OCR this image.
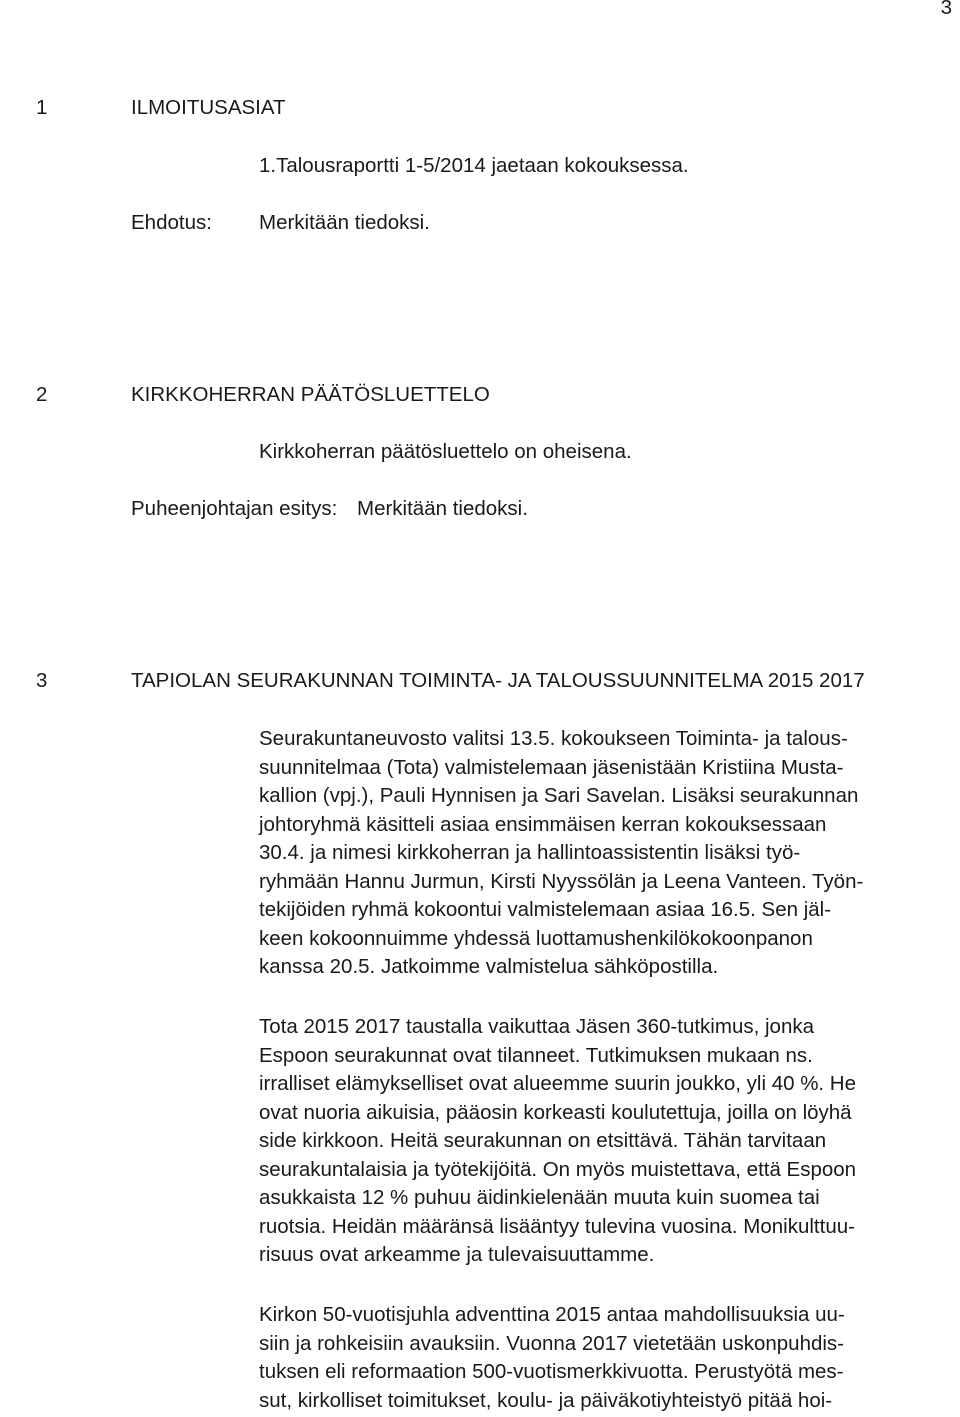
3
1	ILMOITUSASIAT
1.Talousraportti 1-5/2014 jaetaan kokouksessa.
Ehdotus: Merkitään tiedoksi.
2	KIRKKOHERRAN PÄÄTÖSLUETTELO
Kirkkoherran päätösluettelo on oheisena.
Puheenjohtajan esitys: Merkitään tiedoksi.
3	TAPIOLAN SEURAKUNNAN TOIMINTA- JA TALOUSSUUNNITELMA 2015 2017

Seurakuntaneuvosto valitsi 13.5. kokoukseen Toiminta- ja talous-

suunnitelmaa (Tota) valmistelemaan jäsenistään Kristiina Musta-

kallion (vpj.), Pauli Hynnisen ja Sari Savelan. Lisäksi seurakunnan

johtoryhmä käsitteli asiaa ensimmäisen kerran kokouksessaan

30.4. ja nimesi kirkkoherran ja hallintoassistentin lisäksi työ-

ryhmään Hannu Jurmun, Kirsti Nyyssölän ja Leena Vanteen. Työn-

tekijöiden ryhmä kokoontui valmistelemaan asiaa 16.5. Sen jäl-

keen kokoonnuimme yhdessä luottamushenkilökokoonpanon

kanssa 20.5. Jatkoimme valmistelua sähköpostilla.

Tota 2015 2017 taustalla vaikuttaa Jäsen 360-tutkimus, jonka

Espoon seurakunnat ovat tilanneet. Tutkimuksen mukaan ns.

irralliset elämykselliset ovat alueemme suurin joukko, yli 40 %. He

ovat nuoria aikuisia, pääosin korkeasti koulutettuja, joilla on löyhä

side kirkkoon. Heitä seurakunnan on etsittävä. Tähän tarvitaan

seurakuntalaisia ja työtekijöitä. On myös muistettava, että Espoon

asukkaista 12 % puhuu äidinkielenään muuta kuin suomea tai

ruotsia. Heidän määränsä lisääntyy tulevina vuosina. Monikulttuu-

risuus ovat arkeamme ja tulevaisuuttamme.

Kirkon 50-vuotisjuhla adventtina 2015 antaa mahdollisuuksia uu-

siin ja rohkeisiin avauksiin. Vuonna 2017 vietetään uskonpuhdis-

tuksen eli reformaation 500-vuotismerkkivuotta. Perustyötä mes-

sut, kirkolliset toimitukset, koulu- ja päiväkotiyhteistyö pitää hoi-
